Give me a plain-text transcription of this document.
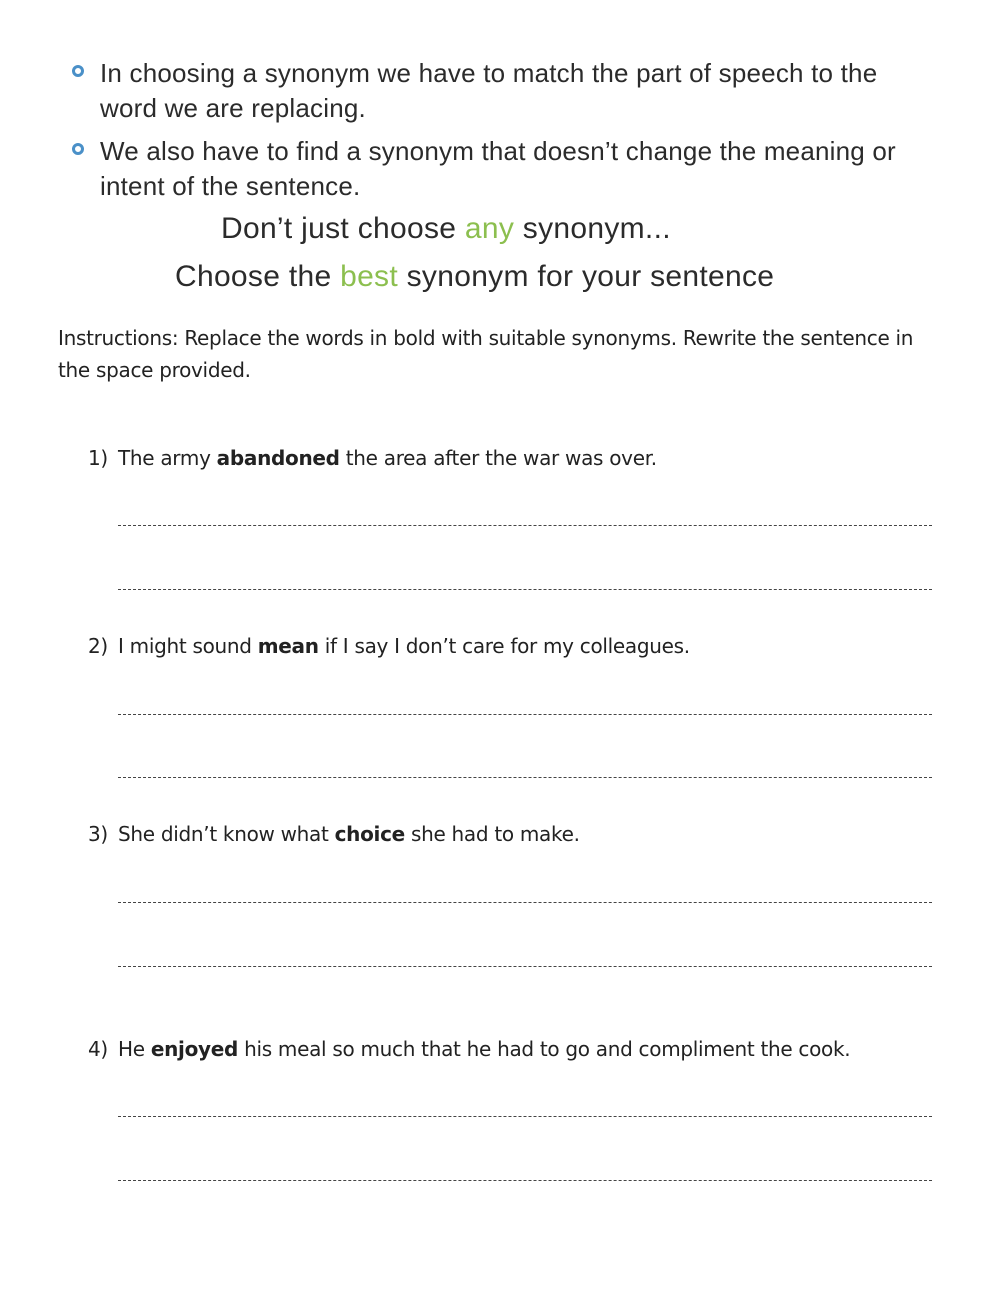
In choosing a synonym we have to match the part of speech to the word we are replacing.
We also have to find a synonym that doesn’t change the meaning or intent of the sentence.
Don’t just choose any synonym...
Choose the best synonym for your sentence
Instructions: Replace the words in bold with suitable synonyms. Rewrite the sentence in the space provided.
1) The army abandoned the area after the war was over.
2) I might sound mean if I say I don’t care for my colleagues.
3) She didn’t know what choice she had to make.
4) He enjoyed his meal so much that he had to go and compliment the cook.
